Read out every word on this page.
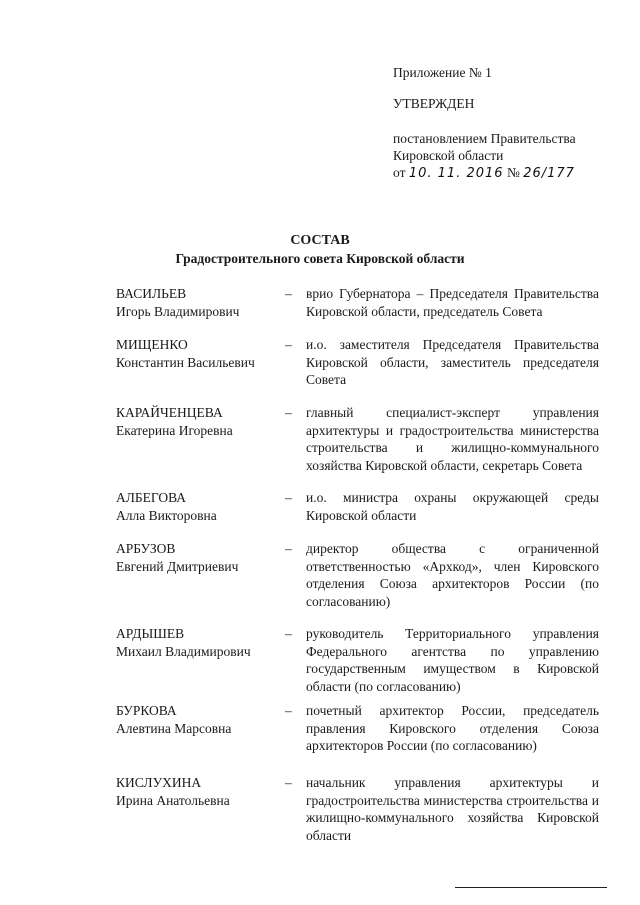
Приложение № 1
УТВЕРЖДЕН
постановлением Правительства
Кировской области
от 10. 11. 2016 № 26/177
СОСТАВ
Градостроительного совета Кировской области
ВАСИЛЬЕВ
Игорь Владимирович
–	врио Губернатора – Председателя Правительства Кировской области, председатель Совета
МИЩЕНКО
Константин Васильевич
–	и.о. заместителя Председателя Правительства Кировской области, заместитель председателя Совета
КАРАЙЧЕНЦЕВА
Екатерина Игоревна
–	главный специалист-эксперт управления архитектуры и градостроительства министерства строительства и жилищно-коммунального хозяйства Кировской области, секретарь Совета
АЛБЕГОВА
Алла Викторовна
–	и.о. министра охраны окружающей среды Кировской области
АРБУЗОВ
Евгений Дмитриевич
–	директор общества с ограниченной ответственностью «Архкод», член Кировского отделения Союза архитекторов России (по согласованию)
АРДЫШЕВ
Михаил Владимирович
–	руководитель Территориального управления Федерального агентства по управлению государственным имуществом в Кировской области (по согласованию)
БУРКОВА
Алевтина Марсовна
–	почетный архитектор России, председатель правления Кировского отделения Союза архитекторов России (по согласованию)
КИСЛУХИНА
Ирина Анатольевна
–	начальник управления архитектуры и градостроительства министерства строительства и жилищно-коммунального хозяйства Кировской области
